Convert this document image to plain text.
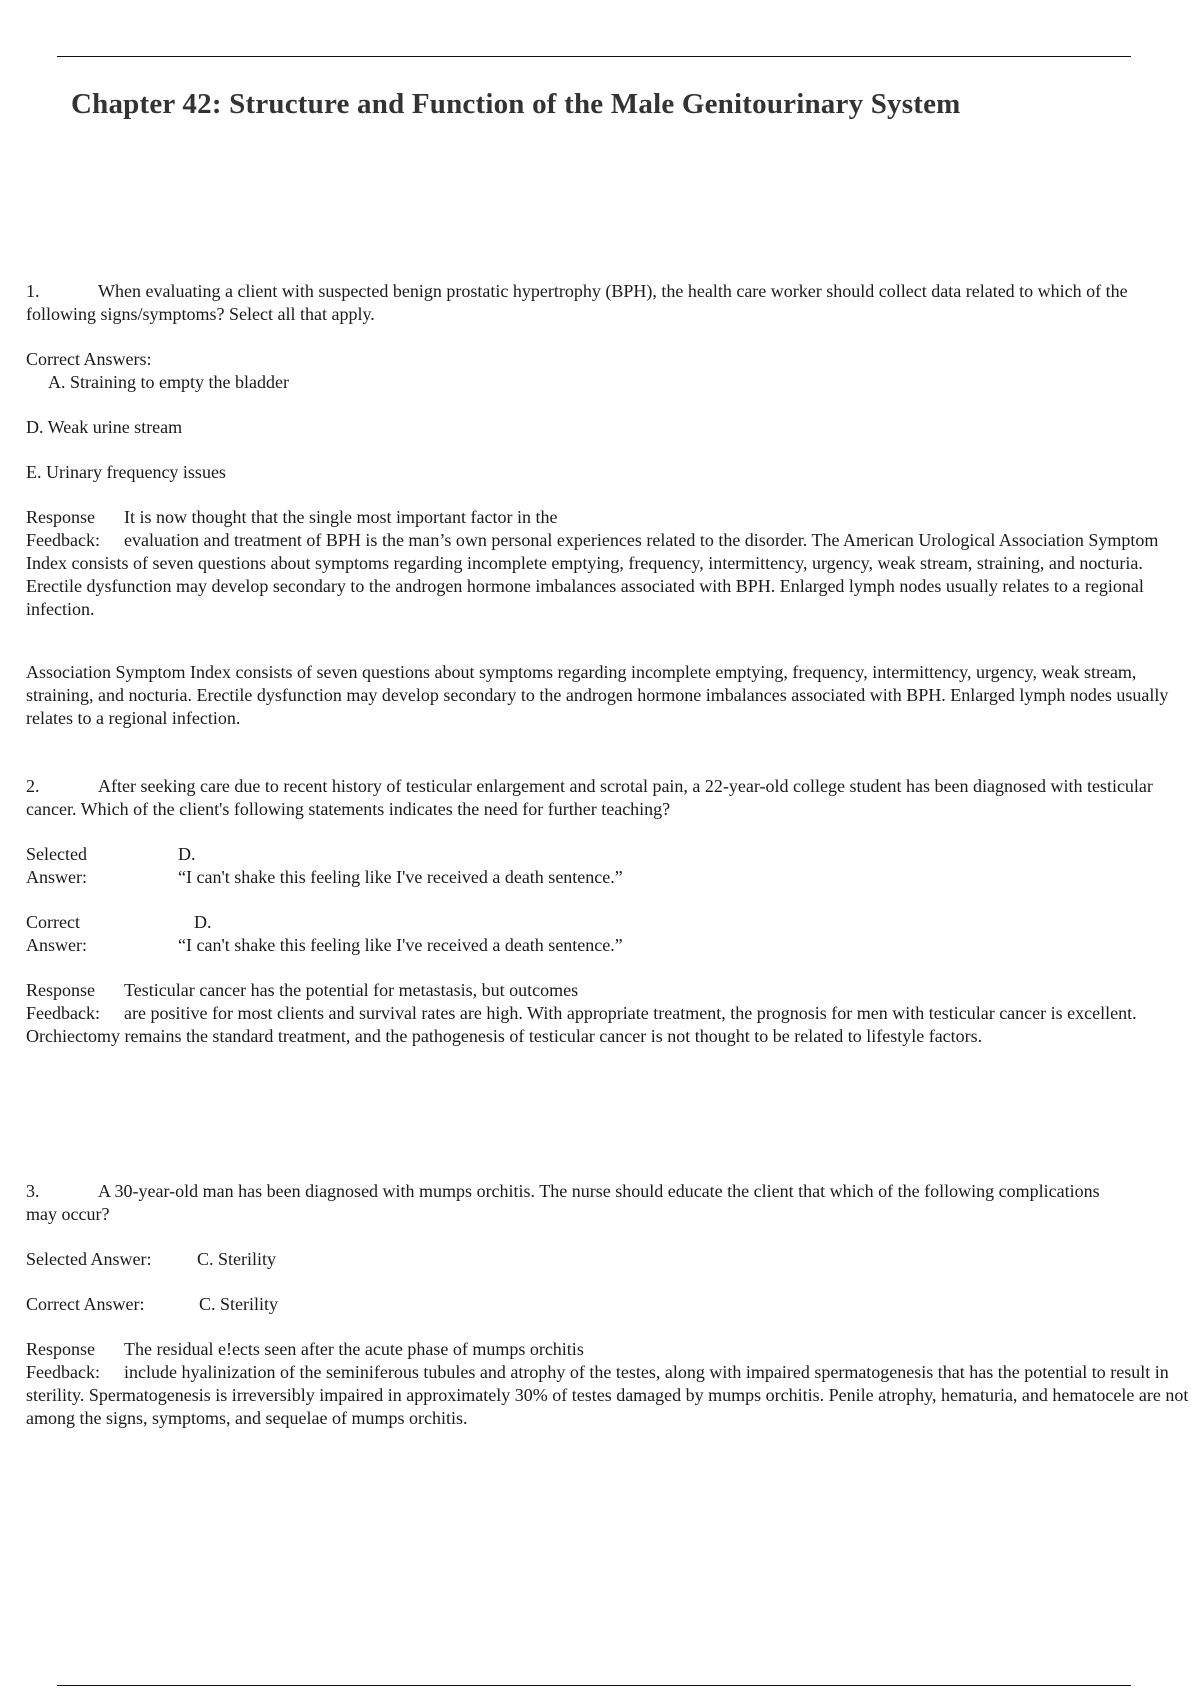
Chapter 42: Structure and Function of the Male Genitourinary System

1.	When evaluating a client with suspected benign prostatic hypertrophy (BPH), the health care worker should collect data related to which of the following signs/symptoms? Select all that apply.

Correct Answers:
A. Straining to empty the bladder
D. Weak urine stream
E. Urinary frequency issues
Response	It is now thought that the single most important factor in the
Feedback: evaluation and treatment of BPH is the man’s own personal experiences related to the disorder. The American Urological Association Symptom Index consists of seven questions about symptoms regarding incomplete emptying, frequency, intermittency, urgency, weak stream, straining, and nocturia. Erectile dysfunction may develop secondary to the androgen hormone imbalances associated with BPH. Enlarged lymph nodes usually relates to a regional infection.
Association Symptom Index consists of seven questions about symptoms regarding incomplete emptying, frequency, intermittency, urgency, weak stream, straining, and nocturia. Erectile dysfunction may develop secondary to the androgen hormone imbalances associated with BPH. Enlarged lymph nodes usually relates to a regional infection.

2.	After seeking care due to recent history of testicular enlargement and scrotal pain, a 22-year-old college student has been diagnosed with testicular cancer. Which of the client's following statements indicates the need for further teaching?

Selected	D.
Answer:	“I can't shake this feeling like I've received a death sentence.”
Correct	D.
Answer:	“I can't shake this feeling like I've received a death sentence.”
Response	Testicular cancer has the potential for metastasis, but outcomes
Feedback: are positive for most clients and survival rates are high. With appropriate treatment, the prognosis for men with testicular cancer is excellent. Orchiectomy remains the standard treatment, and the pathogenesis of testicular cancer is not thought to be related to lifestyle factors.

3.	A 30-year-old man has been diagnosed with mumps orchitis. The nurse should educate the client that which of the following complications may occur?

Selected Answer:	C. Sterility
Correct Answer:	C. Sterility
Response	The residual e!ects seen after the acute phase of mumps orchitis
Feedback: include hyalinization of the seminiferous tubules and atrophy of the testes, along with impaired spermatogenesis that has the potential to result in sterility. Spermatogenesis is irreversibly impaired in approximately 30% of testes damaged by mumps orchitis. Penile atrophy, hematuria, and hematocele are not among the signs, symptoms, and sequelae of mumps orchitis.
